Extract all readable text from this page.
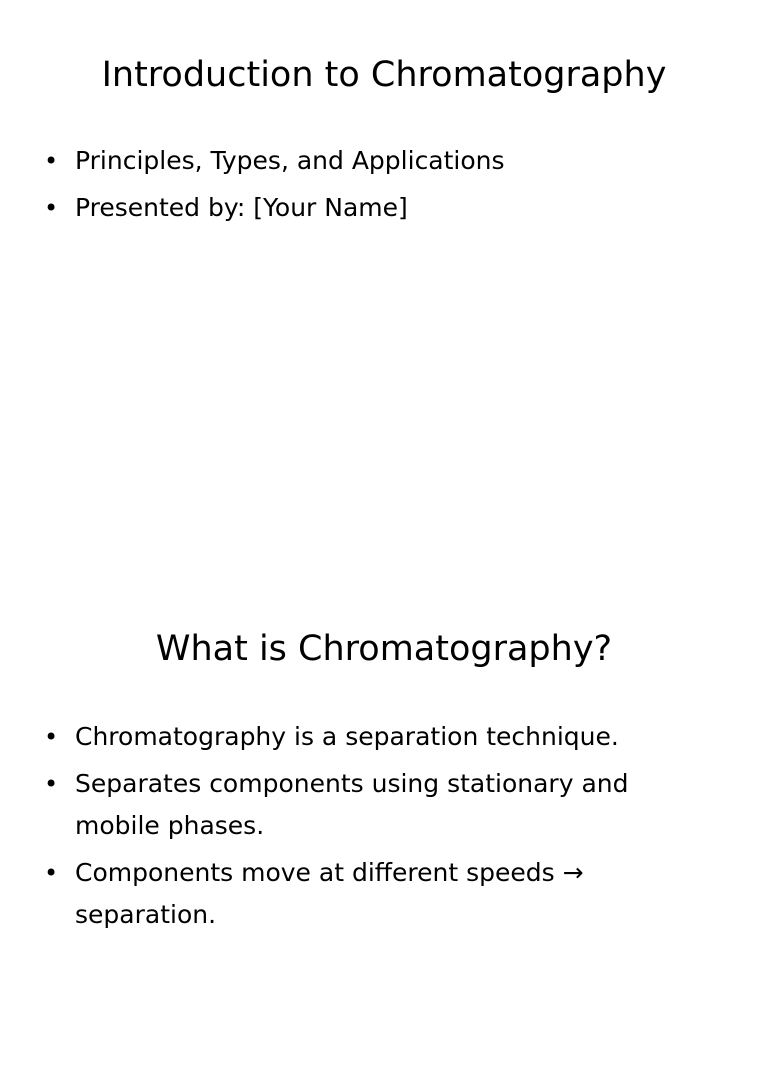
Introduction to Chromatography
• Principles, Types, and Applications
• Presented by: [Your Name]
What is Chromatography?
• Chromatography is a separation technique.
• Separates components using stationary and mobile phases.
• Components move at different speeds → separation.
